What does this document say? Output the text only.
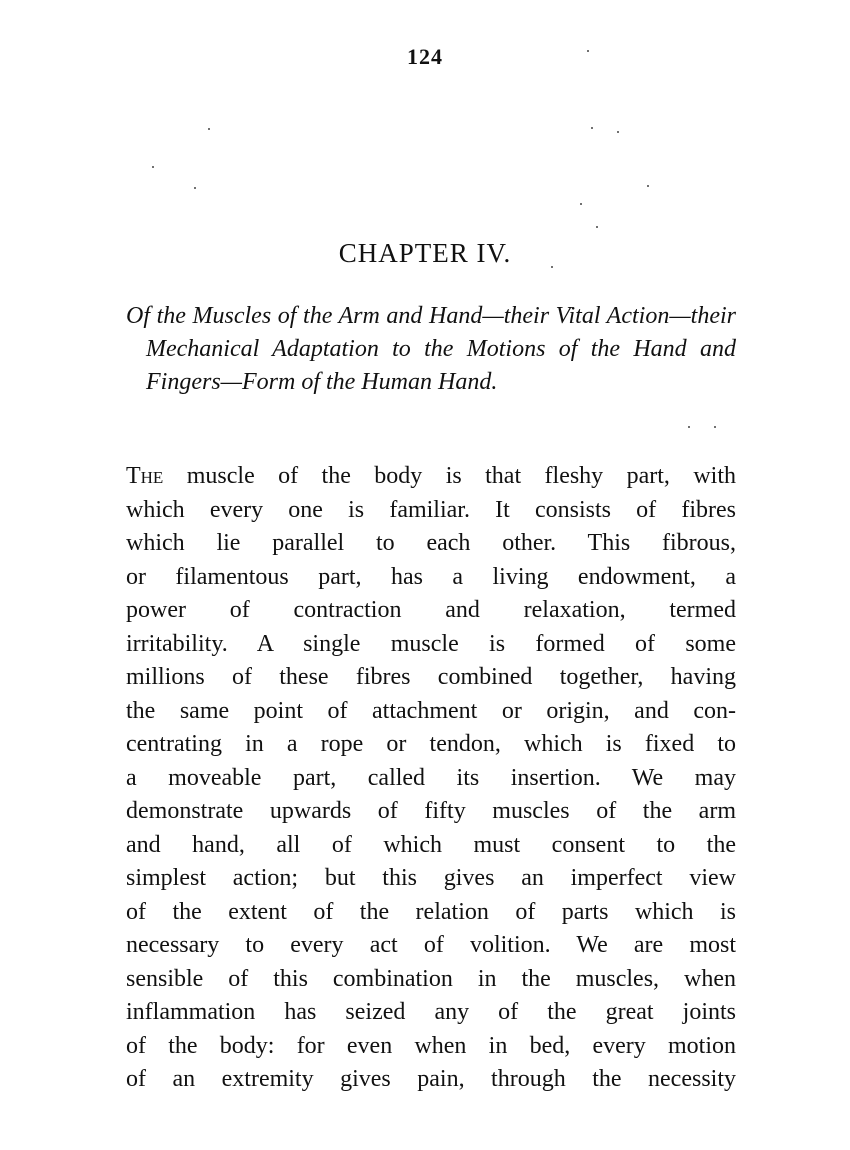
124
CHAPTER IV.
Of the Muscles of the Arm and Hand—their Vital Action—their Mechanical Adaptation to the Motions of the Hand and Fingers—Form of the Human Hand.
The muscle of the body is that fleshy part, with
which every one is familiar. It consists of fibres
which lie parallel to each other. This fibrous,
or filamentous part, has a living endowment, a
power of contraction and relaxation, termed
irritability. A single muscle is formed of some
millions of these fibres combined together, having
the same point of attachment or origin, and con-
centrating in a rope or tendon, which is fixed to
a moveable part, called its insertion. We may
demonstrate upwards of fifty muscles of the arm
and hand, all of which must consent to the
simplest action; but this gives an imperfect view
of the extent of the relation of parts which is
necessary to every act of volition. We are most
sensible of this combination in the muscles, when
inflammation has seized any of the great joints
of the body: for even when in bed, every motion
of an extremity gives pain, through the necessity
